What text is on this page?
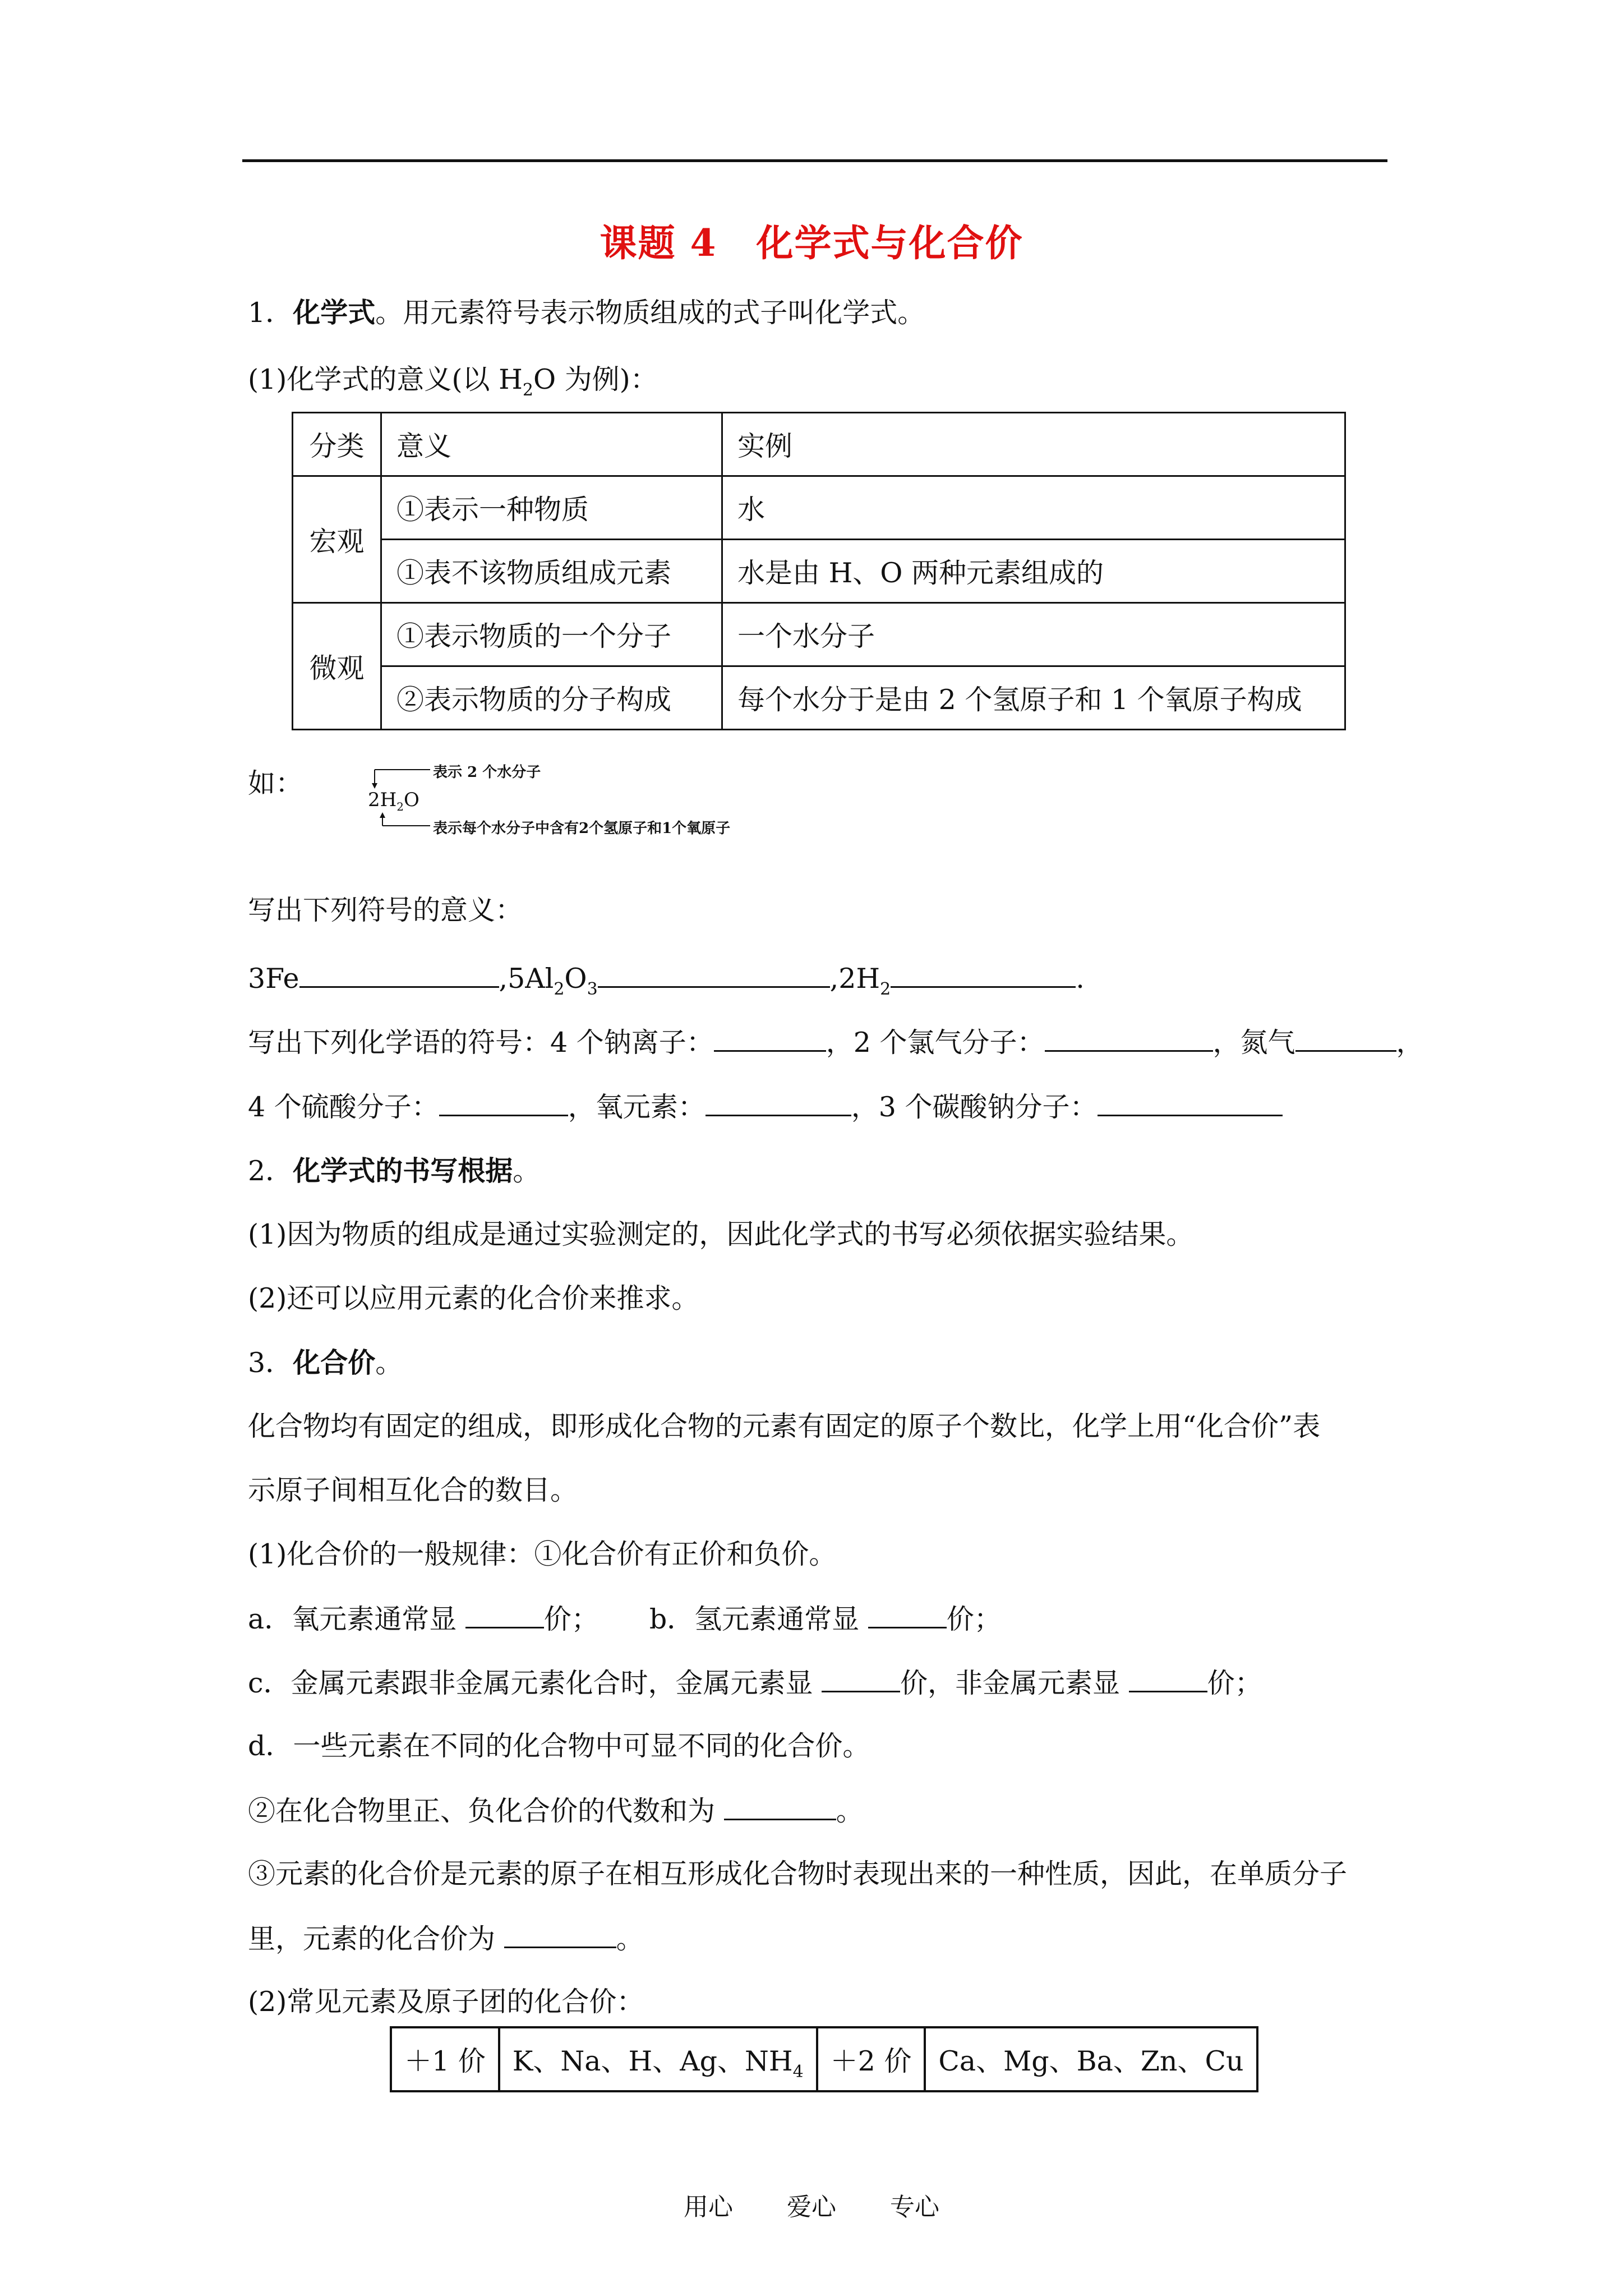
课题 4 化学式与化合价
1．化学式。用元素符号表示物质组成的式子叫化学式。
(1)化学式的意义(以 $H_2O$ 为例)：
分类	意义	实例
宏观	①表示一种物质	水
	①表不该物质组成元素	水是由 H、O 两种元素组成的
微观	①表示物质的一个分子	一个水分子
	②表示物质的分子构成	每个水分于是由 2 个氢原子和 1 个氧原子构成
如：	表示 2 个水分子
$2H_2O$
表示每个水分子中含有2个氢原子和1个氧原子
写出下列符号的意义：
3Fe	$,5Al_2O_3$	$,2H_2$	.
写出下列化学语的符号：4 个钠离子：	，2 个氯气分子：	，氮气	，
4 个硫酸分子：	，氧元素：	，3 个碳酸钠分子：
2．化学式的书写根据。
(1)因为物质的组成是通过实验测定的，因此化学式的书写必须依据实验结果。
(2)还可以应用元素的化合价来推求。
3．化合价。
化合物均有固定的组成，即形成化合物的元素有固定的原子个数比，化学上用“化合价”表
示原子间相互化合的数目。
(1)化合价的一般规律：①化合价有正价和负价。
a．氧元素通常显	价； b．氢元素通常显	价；
c．金属元素跟非金属元素化合时，金属元素显	价，非金属元素显	价；
d．一些元素在不同的化合物中可显不同的化合价。
②在化合物里正、负化合价的代数和为	。
③元素的化合价是元素的原子在相互形成化合物时表现出来的一种性质，因此，在单质分子
里，元素的化合价为	。
(2)常见元素及原子团的化合价：
＋1 价	K、Na、H、Ag、$NH_4$	＋2 价	Ca、Mg、Ba、Zn、Cu
用心 爱心 专心
